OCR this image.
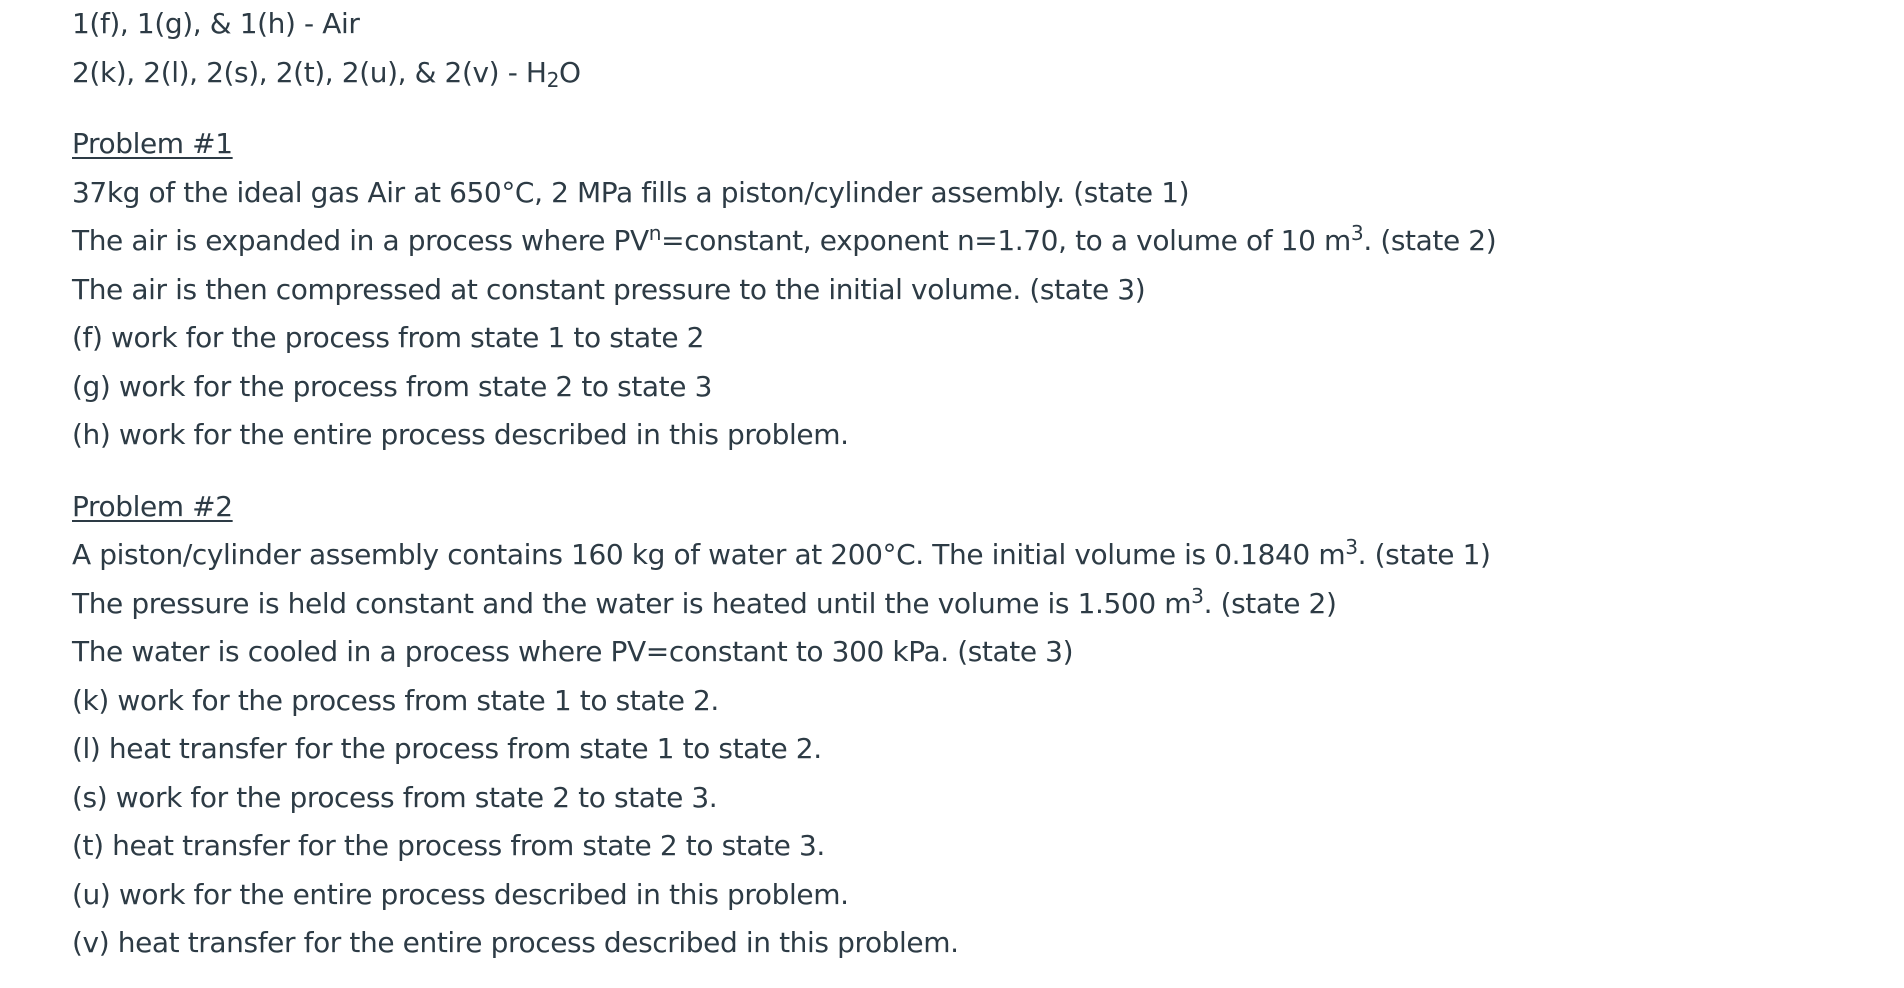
1(f), 1(g), & 1(h) - Air
2(k), 2(l), 2(s), 2(t), 2(u), & $2(v) - H_2O$
Problem #1
37kg of the ideal gas Air at 650°C, 2 MPa fills a piston/cylinder assembly. (state 1)
The air is expanded in a process where $PV^n=constant$, exponent n=1.70, to a volume of 10 $m^3$. (state 2)
The air is then compressed at constant pressure to the initial volume. (state 3)
(f) work for the process from state 1 to state 2
(g) work for the process from state 2 to state 3
(h) work for the entire process described in this problem.
Problem #2
A piston/cylinder assembly contains 160 kg of water at 200°C. The initial volume is 0.1840 $m^3$. (state 1)
The pressure is held constant and the water is heated until the volume is 1.500 $m^3$. (state 2)
The water is cooled in a process where PV=constant to 300 kPa. (state 3)
(k) work for the process from state 1 to state 2.
(l) heat transfer for the process from state 1 to state 2.
(s) work for the process from state 2 to state 3.
(t) heat transfer for the process from state 2 to state 3.
(u) work for the entire process described in this problem.
(v) heat transfer for the entire process described in this problem.
